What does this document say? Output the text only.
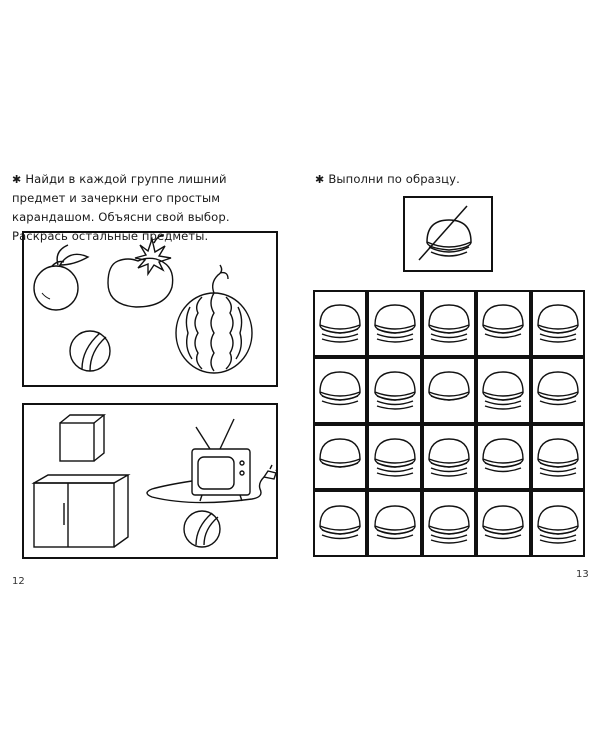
✱ Найди в каждой группе лишний предмет и зачеркни его простым карандашом. Объясни свой выбор. Раскрась остальные предметы.
12
✱ Выполни по образцу.
13
